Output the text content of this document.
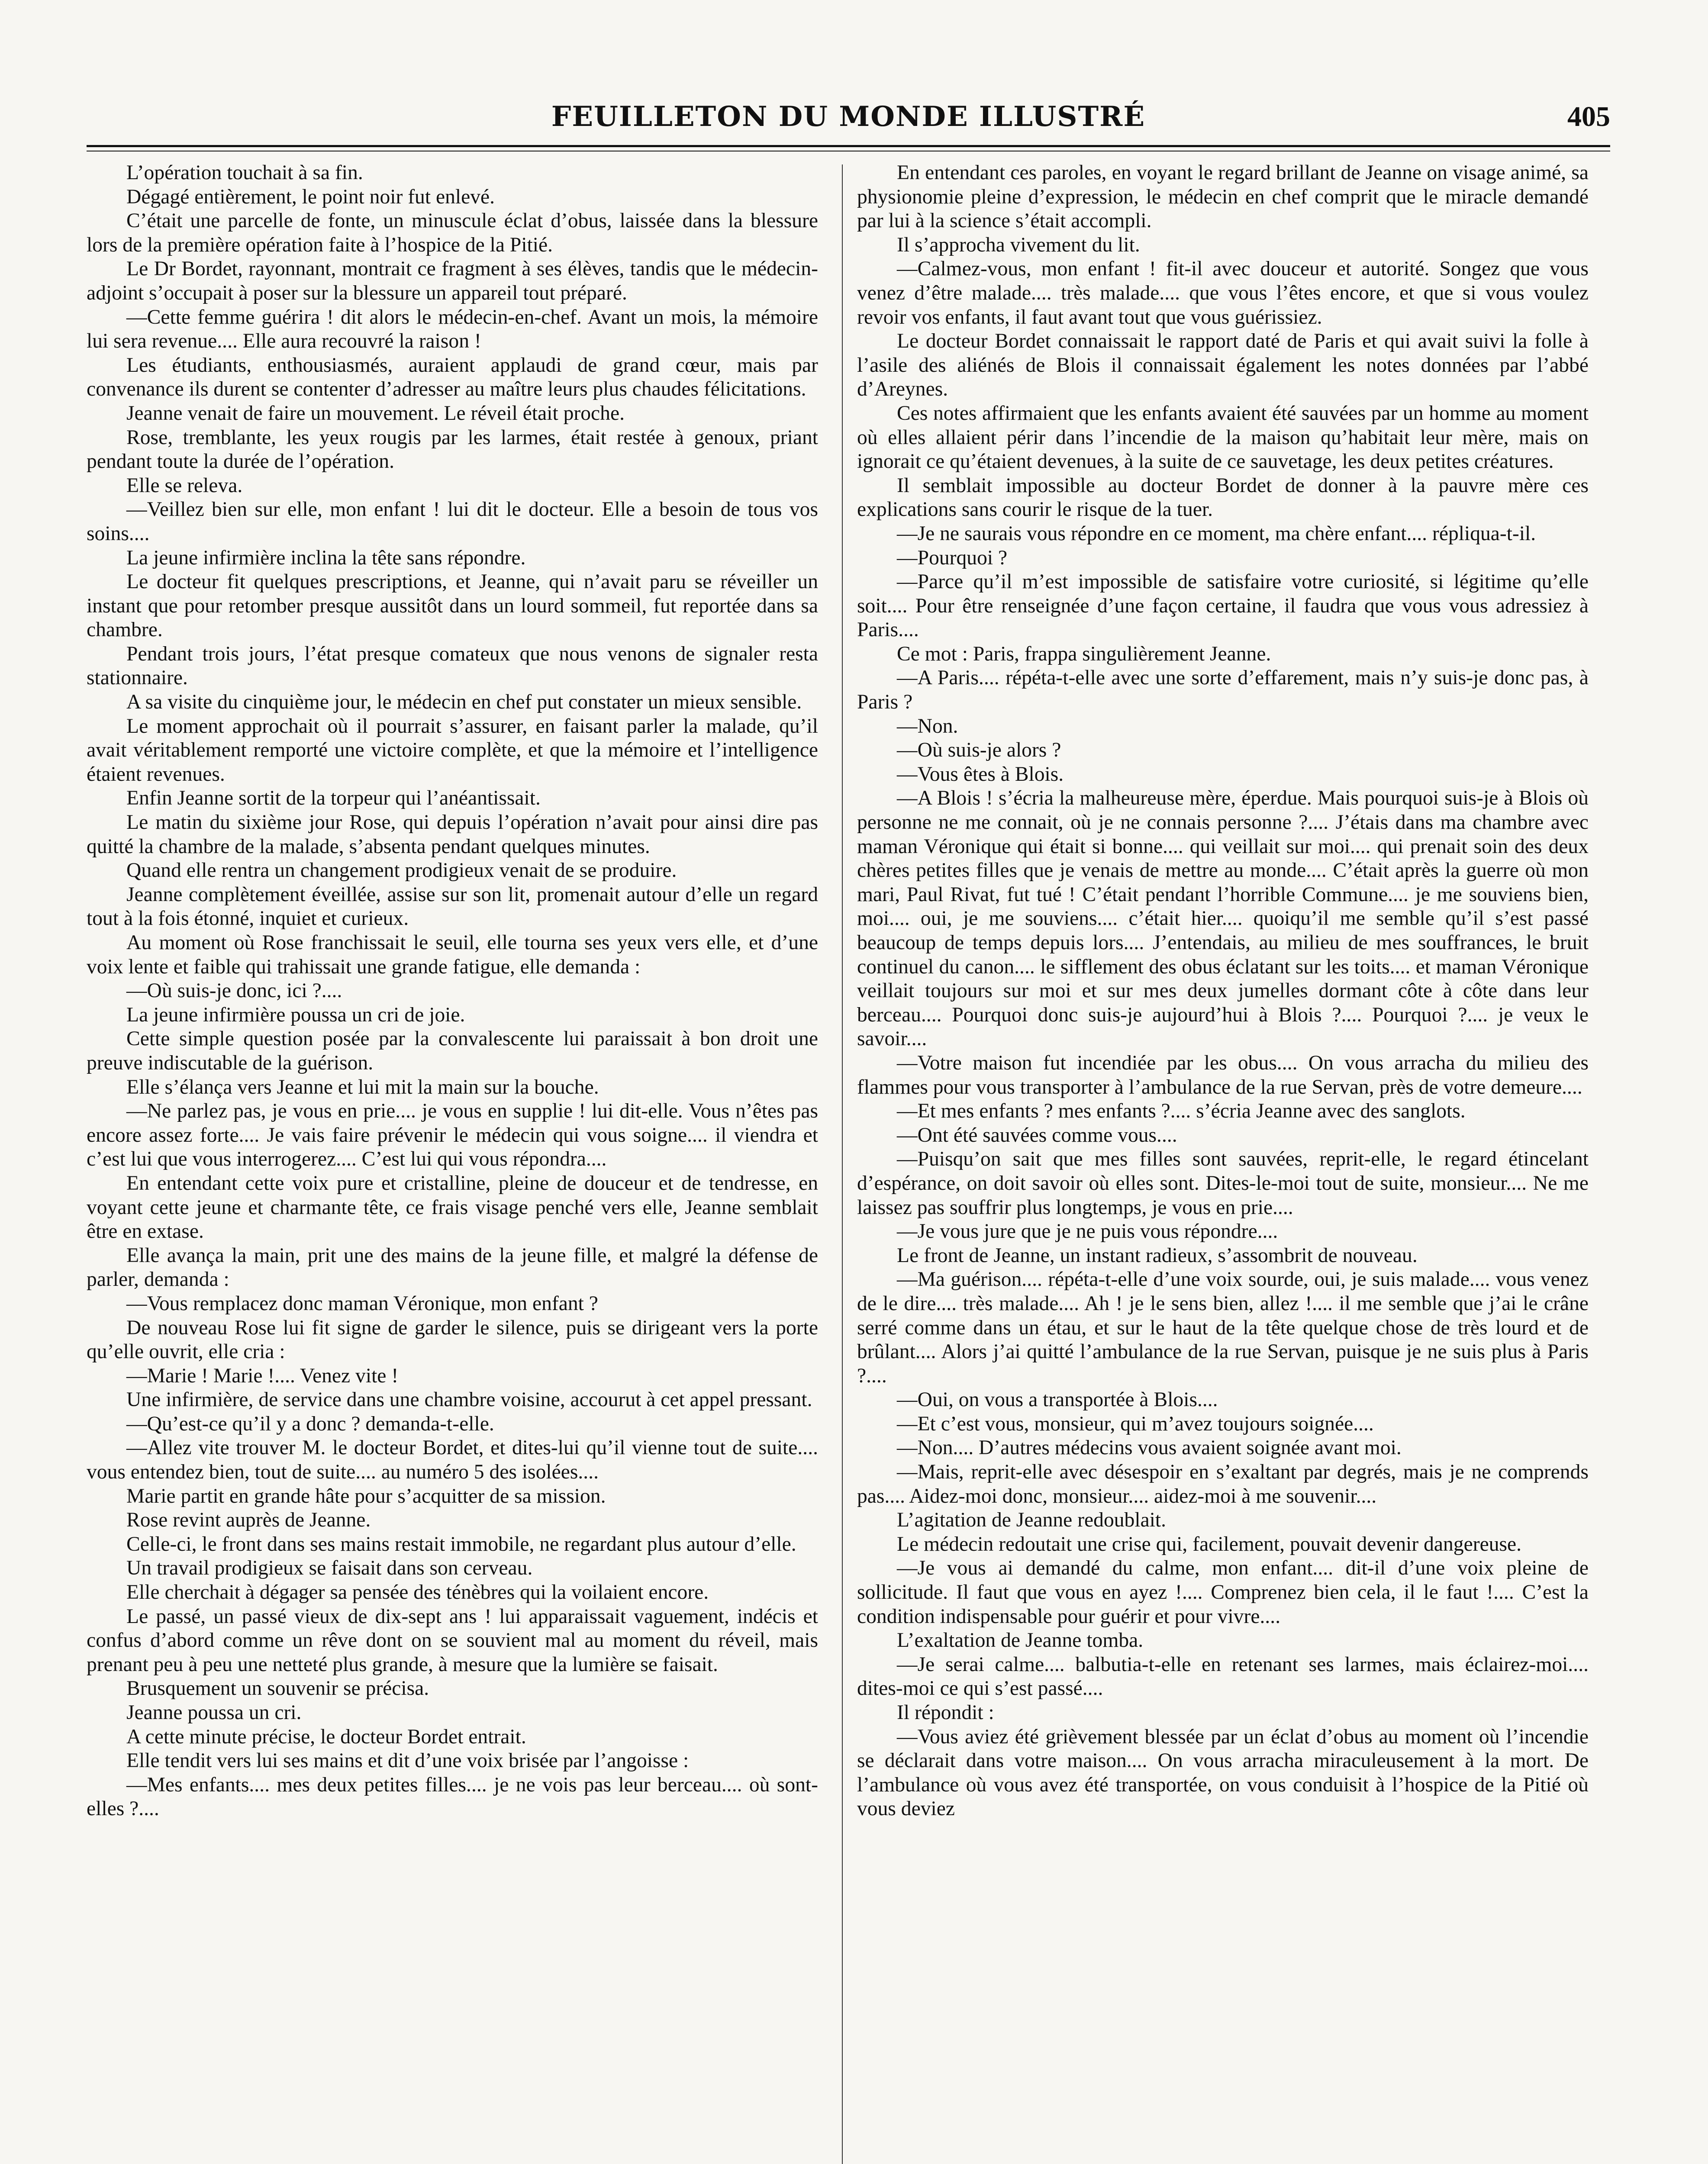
FEUILLETON DU MONDE ILLUSTRÉ	405

L’opération touchait à sa fin.

Dégagé entièrement, le point noir fut enlevé.

C’était une parcelle de fonte, un minuscule éclat d’obus, laissée dans la blessure lors de la première opération faite à l’hospice de la Pitié.

Le Dr Bordet, rayonnant, montrait ce fragment à ses élèves, tandis que le médecin-adjoint s’occupait à poser sur la blessure un appareil tout préparé.

—Cette femme guérira ! dit alors le médecin-en-chef. Avant un mois, la mémoire lui sera revenue.... Elle aura recouvré la raison !

Les étudiants, enthousiasmés, auraient applaudi de grand cœur, mais par convenance ils durent se contenter d’adresser au maître leurs plus chaudes félicitations.

Jeanne venait de faire un mouvement. Le réveil était proche.

Rose, tremblante, les yeux rougis par les larmes, était restée à genoux, priant pendant toute la durée de l’opération.

Elle se releva.

—Veillez bien sur elle, mon enfant ! lui dit le docteur. Elle a besoin de tous vos soins....

La jeune infirmière inclina la tête sans répondre.

Le docteur fit quelques prescriptions, et Jeanne, qui n’avait paru se réveiller un instant que pour retomber presque aussitôt dans un lourd sommeil, fut reportée dans sa chambre.

Pendant trois jours, l’état presque comateux que nous venons de signaler resta stationnaire.

A sa visite du cinquième jour, le médecin en chef put constater un mieux sensible.

Le moment approchait où il pourrait s’assurer, en faisant parler la malade, qu’il avait véritablement remporté une victoire complète, et que la mémoire et l’intelligence étaient revenues.

Enfin Jeanne sortit de la torpeur qui l’anéantissait.

Le matin du sixième jour Rose, qui depuis l’opération n’avait pour ainsi dire pas quitté la chambre de la malade, s’absenta pendant quelques minutes.

Quand elle rentra un changement prodigieux venait de se produire.

Jeanne complètement éveillée, assise sur son lit, promenait autour d’elle un regard tout à la fois étonné, inquiet et curieux.

Au moment où Rose franchissait le seuil, elle tourna ses yeux vers elle, et d’une voix lente et faible qui trahissait une grande fatigue, elle demanda :

—Où suis-je donc, ici ?....

La jeune infirmière poussa un cri de joie.

Cette simple question posée par la convalescente lui paraissait à bon droit une preuve indiscutable de la guérison.

Elle s’élança vers Jeanne et lui mit la main sur la bouche.

—Ne parlez pas, je vous en prie.... je vous en supplie ! lui dit-elle. Vous n’êtes pas encore assez forte.... Je vais faire prévenir le médecin qui vous soigne.... il viendra et c’est lui que vous interrogerez.... C’est lui qui vous répondra....

En entendant cette voix pure et cristalline, pleine de douceur et de tendresse, en voyant cette jeune et charmante tête, ce frais visage penché vers elle, Jeanne semblait être en extase.

Elle avança la main, prit une des mains de la jeune fille, et malgré la défense de parler, demanda :

—Vous remplacez donc maman Véronique, mon enfant ?

De nouveau Rose lui fit signe de garder le silence, puis se dirigeant vers la porte qu’elle ouvrit, elle cria :

—Marie ! Marie !.... Venez vite !

Une infirmière, de service dans une chambre voisine, accourut à cet appel pressant.

—Qu’est-ce qu’il y a donc ? demanda-t-elle.

—Allez vite trouver M. le docteur Bordet, et dites-lui qu’il vienne tout de suite.... vous entendez bien, tout de suite.... au numéro 5 des isolées....

Marie partit en grande hâte pour s’acquitter de sa mission.

Rose revint auprès de Jeanne.

Celle-ci, le front dans ses mains restait immobile, ne regardant plus autour d’elle.

Un travail prodigieux se faisait dans son cerveau.

Elle cherchait à dégager sa pensée des ténèbres qui la voilaient encore.

Le passé, un passé vieux de dix-sept ans ! lui apparaissait vaguement, indécis et confus d’abord comme un rêve dont on se souvient mal au moment du réveil, mais prenant peu à peu une netteté plus grande, à mesure que la lumière se faisait.

Brusquement un souvenir se précisa.

Jeanne poussa un cri.

A cette minute précise, le docteur Bordet entrait.

Elle tendit vers lui ses mains et dit d’une voix brisée par l’angoisse :

—Mes enfants.... mes deux petites filles.... je ne vois pas leur berceau.... où sont-elles ?....

En entendant ces paroles, en voyant le regard brillant de Jeanne on visage animé, sa physionomie pleine d’expression, le médecin en chef comprit que le miracle demandé par lui à la science s’était accompli.

Il s’approcha vivement du lit.

—Calmez-vous, mon enfant ! fit-il avec douceur et autorité. Songez que vous venez d’être malade.... très malade.... que vous l’êtes encore, et que si vous voulez revoir vos enfants, il faut avant tout que vous guérissiez.

Le docteur Bordet connaissait le rapport daté de Paris et qui avait suivi la folle à l’asile des aliénés de Blois il connaissait également les notes données par l’abbé d’Areynes.

Ces notes affirmaient que les enfants avaient été sauvées par un homme au moment où elles allaient périr dans l’incendie de la maison qu’habitait leur mère, mais on ignorait ce qu’étaient devenues, à la suite de ce sauvetage, les deux petites créatures.

Il semblait impossible au docteur Bordet de donner à la pauvre mère ces explications sans courir le risque de la tuer.

—Je ne saurais vous répondre en ce moment, ma chère enfant.... répliqua-t-il.

—Pourquoi ?

—Parce qu’il m’est impossible de satisfaire votre curiosité, si légitime qu’elle soit.... Pour être renseignée d’une façon certaine, il faudra que vous vous adressiez à Paris....

Ce mot : Paris, frappa singulièrement Jeanne.

—A Paris.... répéta-t-elle avec une sorte d’effarement, mais n’y suis-je donc pas, à Paris ?

—Non.

—Où suis-je alors ?

—Vous êtes à Blois.

—A Blois ! s’écria la malheureuse mère, éperdue. Mais pourquoi suis-je à Blois où personne ne me connait, où je ne connais personne ?.... J’étais dans ma chambre avec maman Véronique qui était si bonne.... qui veillait sur moi.... qui prenait soin des deux chères petites filles que je venais de mettre au monde.... C’était après la guerre où mon mari, Paul Rivat, fut tué ! C’était pendant l’horrible Commune.... je me souviens bien, moi.... oui, je me souviens.... c’était hier.... quoiqu’il me semble qu’il s’est passé beaucoup de temps depuis lors.... J’entendais, au milieu de mes souffrances, le bruit continuel du canon.... le sifflement des obus éclatant sur les toits.... et maman Véronique veillait toujours sur moi et sur mes deux jumelles dormant côte à côte dans leur berceau.... Pourquoi donc suis-je aujourd’hui à Blois ?.... Pourquoi ?.... je veux le savoir....

—Votre maison fut incendiée par les obus.... On vous arracha du milieu des flammes pour vous transporter à l’ambulance de la rue Servan, près de votre demeure....

—Et mes enfants ? mes enfants ?.... s’écria Jeanne avec des sanglots.

—Ont été sauvées comme vous....

—Puisqu’on sait que mes filles sont sauvées, reprit-elle, le regard étincelant d’espérance, on doit savoir où elles sont. Dites-le-moi tout de suite, monsieur.... Ne me laissez pas souffrir plus longtemps, je vous en prie....

—Je vous jure que je ne puis vous répondre....

Le front de Jeanne, un instant radieux, s’assombrit de nouveau.

—Ma guérison.... répéta-t-elle d’une voix sourde, oui, je suis malade.... vous venez de le dire.... très malade.... Ah ! je le sens bien, allez !.... il me semble que j’ai le crâne serré comme dans un étau, et sur le haut de la tête quelque chose de très lourd et de brûlant.... Alors j’ai quitté l’ambulance de la rue Servan, puisque je ne suis plus à Paris ?....

—Oui, on vous a transportée à Blois....

—Et c’est vous, monsieur, qui m’avez toujours soignée....

—Non.... D’autres médecins vous avaient soignée avant moi.

—Mais, reprit-elle avec désespoir en s’exaltant par degrés, mais je ne comprends pas.... Aidez-moi donc, monsieur.... aidez-moi à me souvenir....

L’agitation de Jeanne redoublait.

Le médecin redoutait une crise qui, facilement, pouvait devenir dangereuse.

—Je vous ai demandé du calme, mon enfant.... dit-il d’une voix pleine de sollicitude. Il faut que vous en ayez !.... Comprenez bien cela, il le faut !.... C’est la condition indispensable pour guérir et pour vivre....

L’exaltation de Jeanne tomba.

—Je serai calme.... balbutia-t-elle en retenant ses larmes, mais éclairez-moi.... dites-moi ce qui s’est passé....

Il répondit :

—Vous aviez été grièvement blessée par un éclat d’obus au moment où l’incendie se déclarait dans votre maison.... On vous arracha miraculeusement à la mort. De l’ambulance où vous avez été transportée, on vous conduisit à l’hospice de la Pitié où vous deviez
